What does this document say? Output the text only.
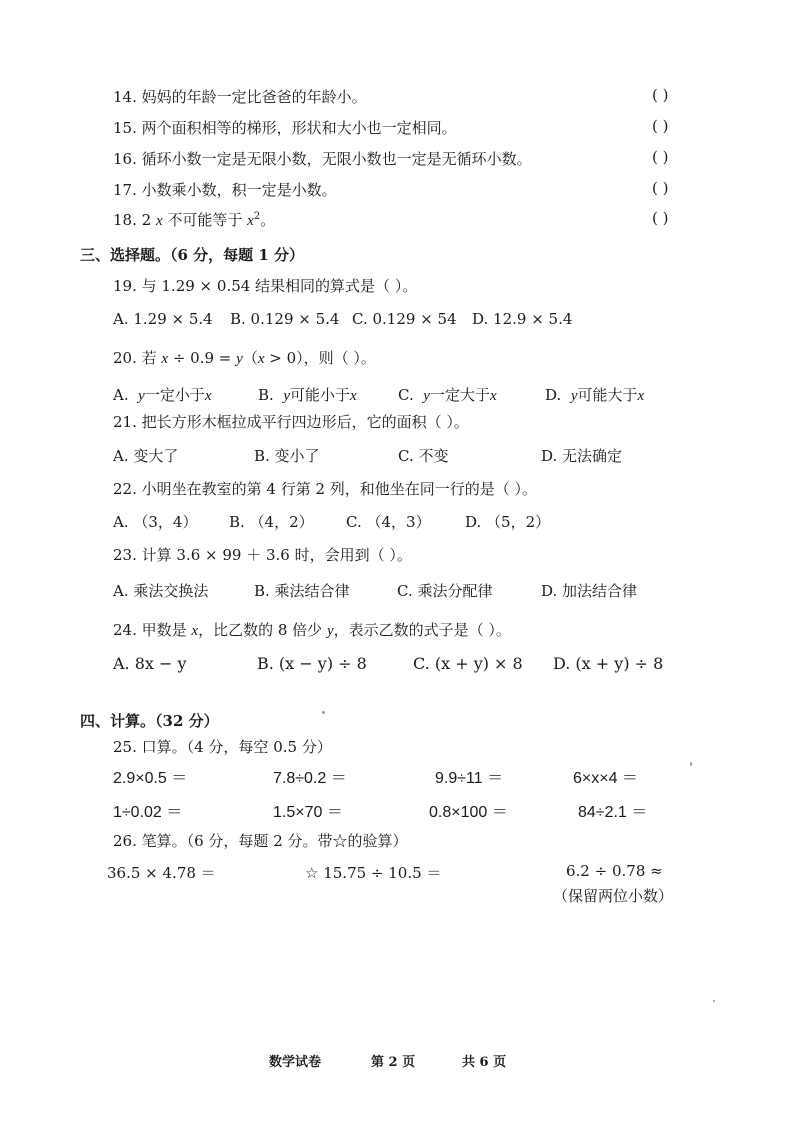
14. 妈妈的年龄一定比爸爸的年龄小。	( )
15. 两个面积相等的梯形，形状和大小也一定相同。	( )
16. 循环小数一定是无限小数，无限小数也一定是无循环小数。	( )
17. 小数乘小数，积一定是小数。	( )
18. 2 x 不可能等于 $x^2$。	( )
三、选择题。（6 分，每题 1 分）
19. 与 1.29 × 0.54 结果相同的算式是（ ）。
A. 1.29 × 5.4 B. 0.129 × 5.4 C. 0.129 × 54 D. 12.9 × 5.4
20. 若 x ÷ 0.9 = y（x > 0），则（ ）。
A. y一定小于x	B. y可能小于x	C. y一定大于x	D. y可能大于x
21. 把长方形木框拉成平行四边形后，它的面积（ ）。
A. 变大了	B. 变小了	C. 不变	D. 无法确定
22. 小明坐在教室的第 4 行第 2 列，和他坐在同一行的是（ ）。
A. （3，4） B. （4，2） C. （4，3） D. （5，2）
23. 计算 3.6 × 99 ＋ 3.6 时，会用到（ ）。
A. 乘法交换法	B. 乘法结合律	C. 乘法分配律	D. 加法结合律
24. 甲数是 x，比乙数的 8 倍少 y，表示乙数的式子是（ ）。
A. 8x − y	B. (x − y) ÷ 8	C. (x + y) × 8 D. (x + y) ÷ 8
四、计算。（32 分）
25. 口算。（4 分，每空 0.5 分）
2.9×0.5 ＝	7.8÷0.2 ＝	9.9÷11 ＝	6×x×4 ＝
1÷0.02 ＝	1.5×70 ＝	0.8×100 ＝	84÷2.1 ＝
26. 笔算。（6 分，每题 2 分。带☆的验算）
36.5 × 4.78 ＝	☆ 15.75 ÷ 10.5 ＝	6.2 ÷ 0.78 ≈
（保留两位小数）
数学试卷	第 2 页	共 6 页
